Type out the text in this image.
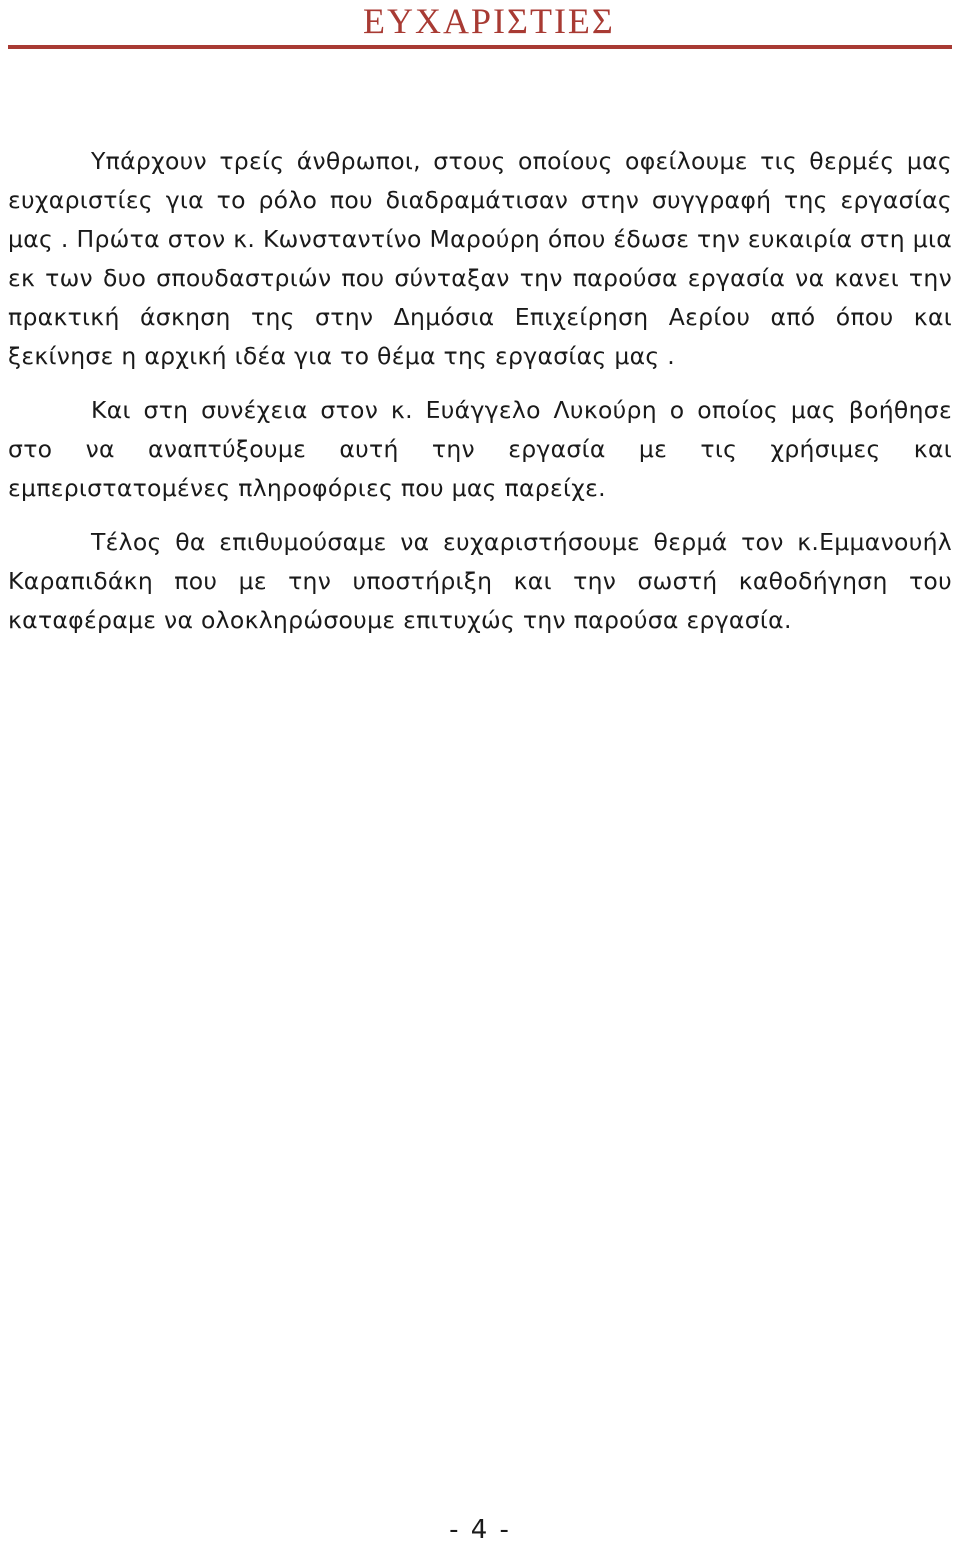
ΕΥΧΑΡΙΣΤΙΕΣ

Υπάρχουν τρείς άνθρωποι, στους οποίους οφείλουμε τις θερμές μας ευχαριστίες για το ρόλο που διαδραμάτισαν στην συγγραφή της εργασίας μας . Πρώτα στον κ. Κωνσταντίνο Μαρούρη όπου έδωσε την ευκαιρία στη μια εκ των δυο σπουδαστριών που σύνταξαν την παρούσα εργασία να κανει την πρακτική άσκηση της στην Δημόσια Επιχείρηση Αερίου από όπου και ξεκίνησε η αρχική ιδέα για το θέμα της εργασίας μας .

Και στη συνέχεια στον κ. Ευάγγελο Λυκούρη ο οποίος μας βοήθησε στο να αναπτύξουμε αυτή την εργασία με τις χρήσιμες και εμπεριστατομένες πληροφόριες που μας παρείχε.

Τέλος θα επιθυμούσαμε να ευχαριστήσουμε θερμά τον κ.Εμμανουήλ Καραπιδάκη που με την υποστήριξη και την σωστή καθοδήγηση του καταφέραμε να ολοκληρώσουμε επιτυχώς την παρούσα εργασία.

- 4 -
